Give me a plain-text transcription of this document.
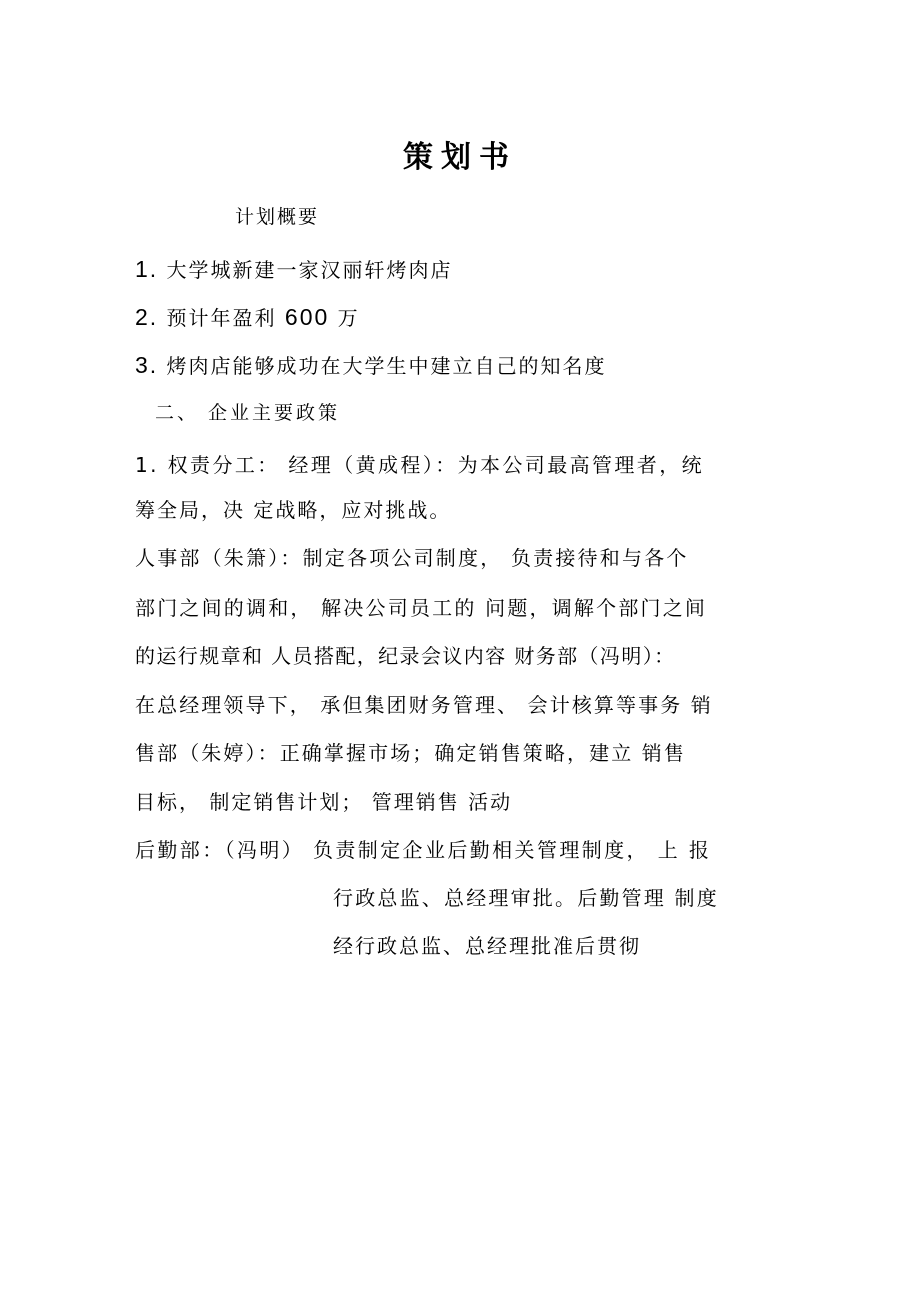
策划书
计划概要
1. 大学城新建一家汉丽轩烤肉店
2. 预计年盈利 600 万
3. 烤肉店能够成功在大学生中建立自己的知名度
二、 企业主要政策
1. 权责分工： 经理（黄成程）：为本公司最高管理者，统
筹全局，决 定战略，应对挑战。
人事部（朱箫）：制定各项公司制度， 负责接待和与各个
部门之间的调和， 解决公司员工的 问题，调解个部门之间
的运行规章和 人员搭配，纪录会议内容 财务部（冯明）：
在总经理领导下， 承但集团财务管理、 会计核算等事务 销
售部（朱婷）：正确掌握市场；确定销售策略，建立 销售
目标， 制定销售计划； 管理销售 活动
后勤部：（冯明） 负责制定企业后勤相关管理制度， 上 报
行政总监、总经理审批。后勤管理 制度
经行政总监、总经理批准后贯彻
